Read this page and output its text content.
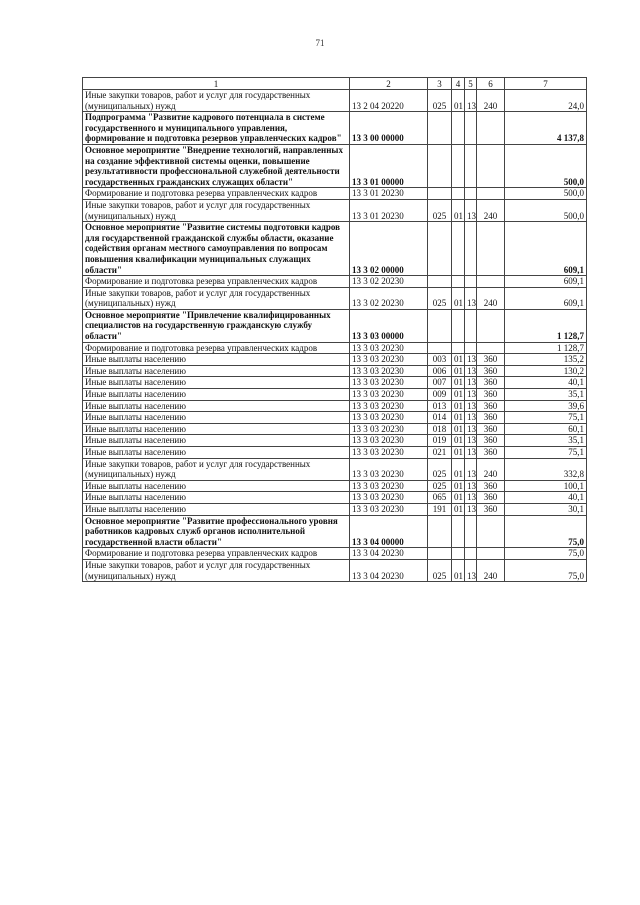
71
1	2	3	4	5	6	7
Иные закупки товаров, работ и услуг для государственных (муниципальных) нужд	13 2 04 20220	025	01	13	240	24,0
Подпрограмма "Развитие кадрового потенциала в системе государственного и муниципального управления, формирование и подготовка резервов управленческих кадров"	13 3 00 00000					4 137,8
Основное мероприятие "Внедрение технологий, направленных на создание эффективной системы оценки, повышение результативности профессиональной служебной деятельности государственных гражданских служащих области"	13 3 01 00000					500,0
Формирование и подготовка резерва управленческих кадров	13 3 01 20230					500,0
Иные закупки товаров, работ и услуг для государственных (муниципальных) нужд	13 3 01 20230	025	01	13	240	500,0
Основное мероприятие "Развитие системы подготовки кадров для государственной гражданской службы области, оказание содействия органам местного самоуправления по вопросам повышения квалификации муниципальных служащих области"	13 3 02 00000					609,1
Формирование и подготовка резерва управленческих кадров	13 3 02 20230					609,1
Иные закупки товаров, работ и услуг для государственных (муниципальных) нужд	13 3 02 20230	025	01	13	240	609,1
Основное мероприятие "Привлечение квалифицированных специалистов на государственную гражданскую службу области"	13 3 03 00000					1 128,7
Формирование и подготовка резерва управленческих кадров	13 3 03 20230					1 128,7
Иные выплаты населению	13 3 03 20230	003	01	13	360	135,2
Иные выплаты населению	13 3 03 20230	006	01	13	360	130,2
Иные выплаты населению	13 3 03 20230	007	01	13	360	40,1
Иные выплаты населению	13 3 03 20230	009	01	13	360	35,1
Иные выплаты населению	13 3 03 20230	013	01	13	360	39,6
Иные выплаты населению	13 3 03 20230	014	01	13	360	75,1
Иные выплаты населению	13 3 03 20230	018	01	13	360	60,1
Иные выплаты населению	13 3 03 20230	019	01	13	360	35,1
Иные выплаты населению	13 3 03 20230	021	01	13	360	75,1
Иные закупки товаров, работ и услуг для государственных (муниципальных) нужд	13 3 03 20230	025	01	13	240	332,8
Иные выплаты населению	13 3 03 20230	025	01	13	360	100,1
Иные выплаты населению	13 3 03 20230	065	01	13	360	40,1
Иные выплаты населению	13 3 03 20230	191	01	13	360	30,1
Основное мероприятие "Развитие профессионального уровня работников кадровых служб органов исполнительной государственной власти области"	13 3 04 00000					75,0
Формирование и подготовка резерва управленческих кадров	13 3 04 20230					75,0
Иные закупки товаров, работ и услуг для государственных (муниципальных) нужд	13 3 04 20230	025	01	13	240	75,0
